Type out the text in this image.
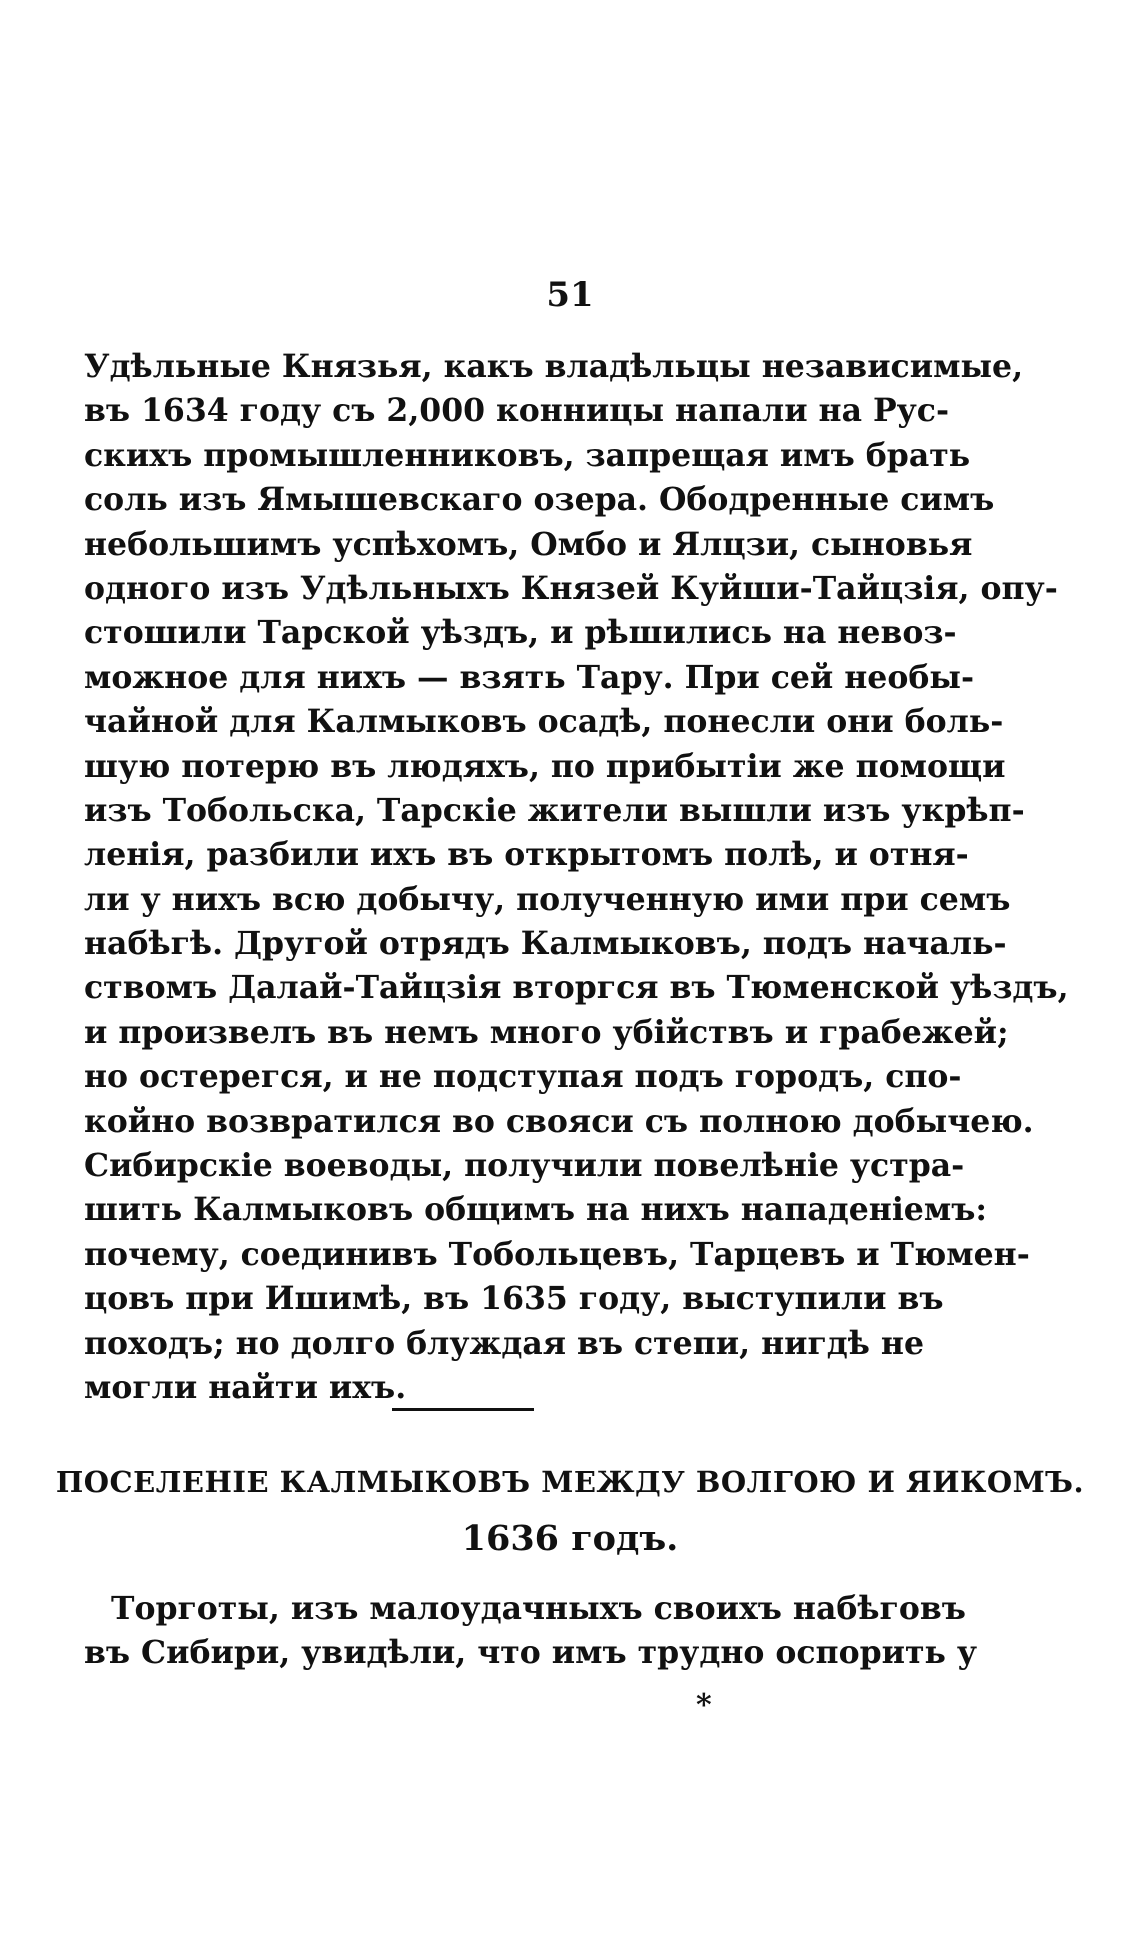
51
Удѣльные Князья, какъ владѣльцы независимые,
въ 1634 году съ 2,000 конницы напали на Рус-
скихъ промышленниковъ, запрещая имъ брать
соль изъ Ямышевскаго озера. Ободренные симъ
небольшимъ успѣхомъ, Омбо и Ялцзи, сыновья
одного изъ Удѣльныхъ Князей Куйши-Тайцзія, опу-
стошили Тарской уѣздъ, и рѣшились на невоз-
можное для нихъ — взять Тару. При сей необы-
чайной для Калмыковъ осадѣ, понесли они боль-
шую потерю въ людяхъ, по прибытіи же помощи
изъ Тобольска, Тарскіе жители вышли изъ укрѣп-
ленія, разбили ихъ въ открытомъ полѣ, и отня-
ли у нихъ всю добычу, полученную ими при семъ
набѣгѣ. Другой отрядъ Калмыковъ, подъ началь-
ствомъ Далай-Тайцзія вторгся въ Тюменской уѣздъ,
и произвелъ въ немъ много убійствъ и грабежей;
но остерегся, и не подступая подъ городъ, спо-
койно возвратился во свояси съ полною добычею.
Сибирскіе воеводы, получили повелѣніе устра-
шить Калмыковъ общимъ на нихъ нападеніемъ:
почему, соединивъ Тобольцевъ, Тарцевъ и Тюмен-
цовъ при Ишимѣ, въ 1635 году, выступили въ
походъ; но долго блуждая въ степи, нигдѣ не
могли найти ихъ.
ПОСЕЛЕНІЕ КАЛМЫКОВЪ МЕЖДУ ВОЛГОЮ И ЯИКОМЪ.
1636 годъ.
Торготы, изъ малоудачныхъ своихъ набѣговъ
въ Сибири, увидѣли, что имъ трудно оспорить у
*
